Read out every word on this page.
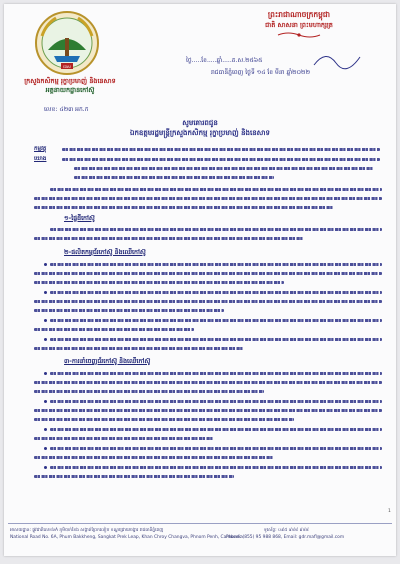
ចេស
ក្រសួងកសិកម្ម រុក្ខាប្រមាញ់ និងនេសាទ
អគ្គនាយកដ្ឋានកៅស៊ូ
ព្រះរាជាណាចក្រកម្ពុជា
ជាតិ សាសនា ព្រះមហាក្សត្រ
ថ្ងៃ.....ខែ.....ឆ្នាំ.....ត.ស.២៥៦៥
រាជធានីភ្នំពេញ ថ្ងៃទី ១៤ ខែ មីនា ឆ្នាំ២០២២
លេខ: ៤២៣ អក.ក
សូមគោរពជូន
ឯកឧត្តមរដ្ឋមន្ត្រីក្រសួងកសិកម្ម រុក្ខាប្រមាញ់ និងនេសាទ
កម្មវត្ថុ
យោង
១-ផ្ទៃដីកៅស៊ូ
២-ផលិតកម្មជ័រកៅស៊ូ និងឈើកៅស៊ូ
៣-ការនាំចេញជ័រកៅស៊ូ និងឈើកៅស៊ូ
1
អាសយដ្ឋាន: ផ្លូវជាតិលេខ៦A ភូមិបាក់ខែង សង្កាត់ព្រែកលៀប ខណ្ឌជ្រោយចង្វារ រាជធានីភ្នំពេញ
National Road No. 6A, Phum Bakkheng, Sangkat Prek Leap, Khan Chroy Changva, Phnom Penh, Cambodia
ទូរស័ព្ទ: ០៩៥ ៩៨៨ ៩៨៨
Phone: (855) 95 988 868, Email: gdr.mafl@gmail.com
